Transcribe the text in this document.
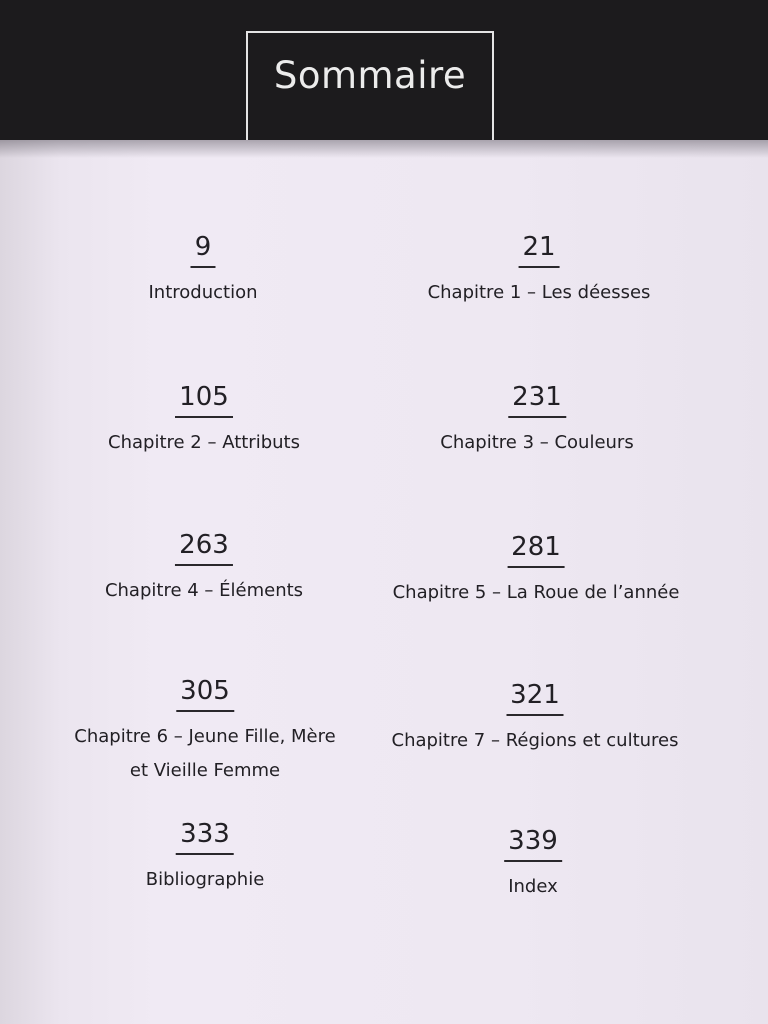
Sommaire
9
Introduction
21
Chapitre 1 – Les déesses
105
Chapitre 2 – Attributs
231
Chapitre 3 – Couleurs
263
Chapitre 4 – Éléments
281
Chapitre 5 – La Roue de l’année
305
Chapitre 6 – Jeune Fille, Mère
et Vieille Femme
321
Chapitre 7 – Régions et cultures
333
Bibliographie
339
Index
